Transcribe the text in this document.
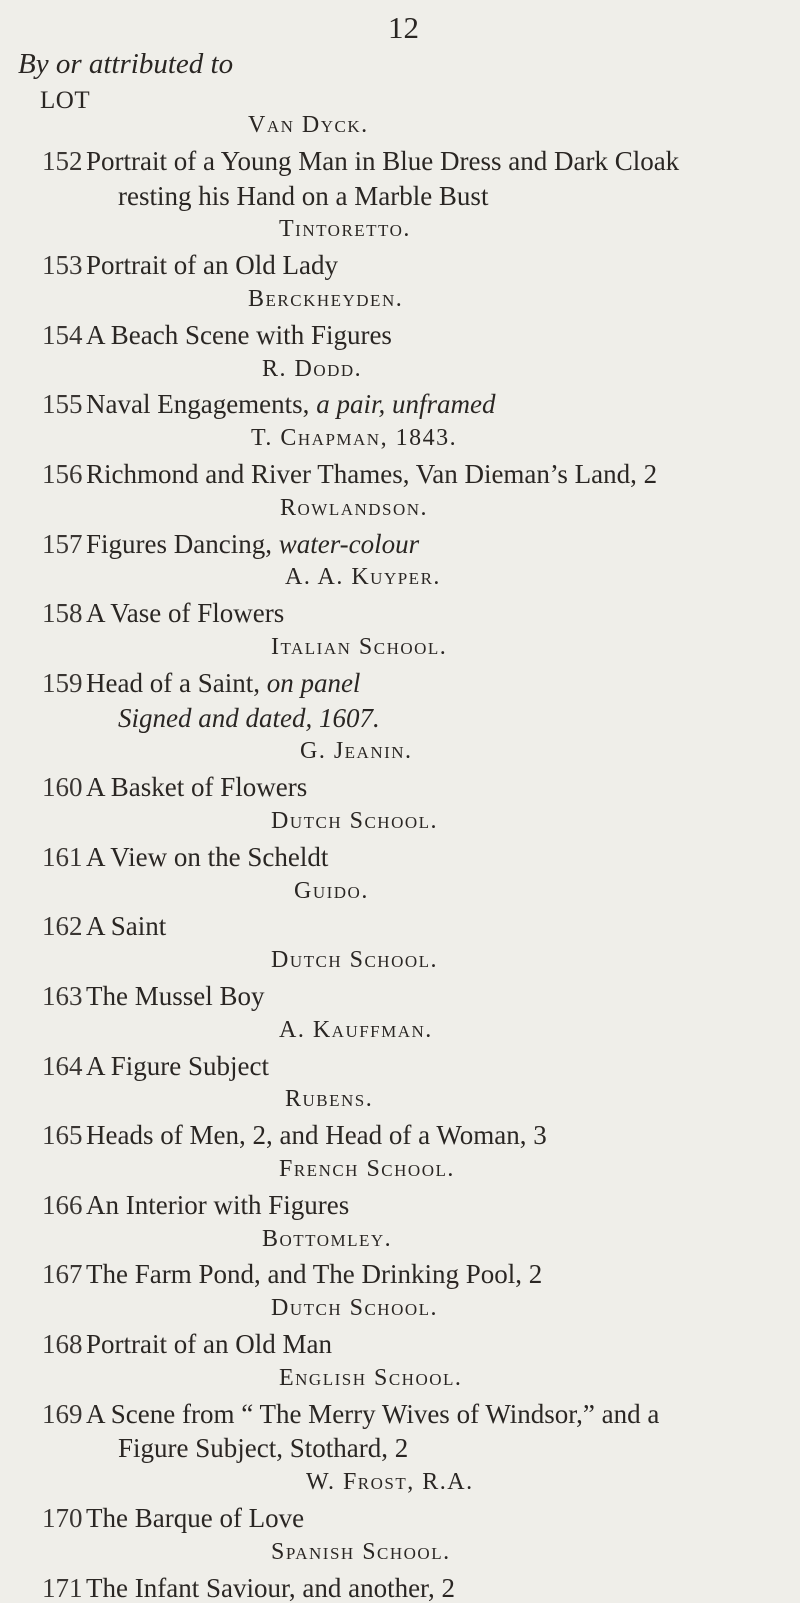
12
By or attributed to
LOT
Van Dyck.
152 Portrait of a Young Man in Blue Dress and Dark Cloak
resting his Hand on a Marble Bust
Tintoretto.
153 Portrait of an Old Lady
Berckheyden.
154 A Beach Scene with Figures
R. Dodd.
155 Naval Engagements, a pair, unframed
T. Chapman, 1843.
156 Richmond and River Thames, Van Dieman’s Land, 2
Rowlandson.
157 Figures Dancing, water-colour
A. A. Kuyper.
158 A Vase of Flowers
Italian School.
159 Head of a Saint, on panel
Signed and dated, 1607.
G. Jeanin.
160 A Basket of Flowers
Dutch School.
161 A View on the Scheldt
Guido.
162 A Saint
Dutch School.
163 The Mussel Boy
A. Kauffman.
164 A Figure Subject
Rubens.
165 Heads of Men, 2, and Head of a Woman, 3
French School.
166 An Interior with Figures
Bottomley.
167 The Farm Pond, and The Drinking Pool, 2
Dutch School.
168 Portrait of an Old Man
English School.
169 A Scene from “ The Merry Wives of Windsor,” and a
Figure Subject, Stothard, 2
W. Frost, R.A.
170 The Barque of Love
Spanish School.
171 The Infant Saviour, and another, 2
